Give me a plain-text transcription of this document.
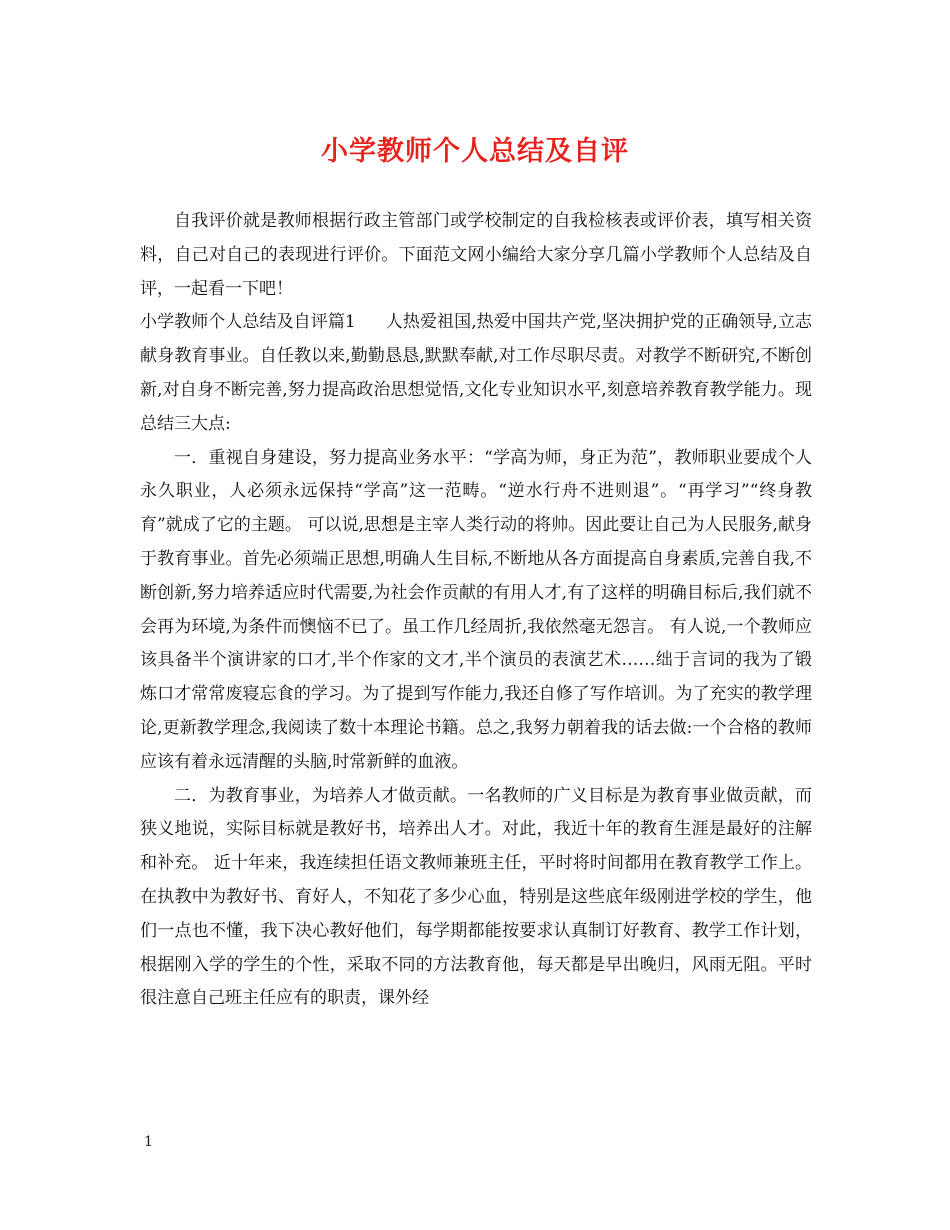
小学教师个人总结及自评

自我评价就是教师根据行政主管部门或学校制定的自我检核表或评价表，填写相关资料，自己对自己的表现进行评价。下面范文网小编给大家分享几篇小学教师个人总结及自评，一起看一下吧！

小学教师个人总结及自评篇1 人热爱祖国,热爱中国共产党,坚决拥护党的正确领导,立志献身教育事业。自任教以来,勤勤恳恳,默默奉献,对工作尽职尽责。对教学不断研究,不断创新,对自身不断完善,努力提高政治思想觉悟,文化专业知识水平,刻意培养教育教学能力。现总结三大点:

一．重视自身建设，努力提高业务水平：“学高为师，身正为范”，教师职业要成个人永久职业，人必须永远保持“学高”这一范畴。“逆水行舟不进则退”。“再学习”“终身教育”就成了它的主题。 可以说,思想是主宰人类行动的将帅。因此要让自己为人民服务,献身于教育事业。首先必须端正思想,明确人生目标,不断地从各方面提高自身素质,完善自我,不断创新,努力培养适应时代需要,为社会作贡献的有用人才,有了这样的明确目标后,我们就不会再为环境,为条件而懊恼不已了。虽工作几经周折,我依然毫无怨言。 有人说,一个教师应该具备半个演讲家的口才,半个作家的文才,半个演员的表演艺术……绌于言词的我为了锻炼口才常常废寝忘食的学习。为了提到写作能力,我还自修了写作培训。为了充实的教学理论,更新教学理念,我阅读了数十本理论书籍。总之,我努力朝着我的话去做:一个合格的教师应该有着永远清醒的头脑,时常新鲜的血液。

二．为教育事业，为培养人才做贡献。一名教师的广义目标是为教育事业做贡献，而狭义地说，实际目标就是教好书，培养出人才。对此，我近十年的教育生涯是最好的注解和补充。 近十年来，我连续担任语文教师兼班主任，平时将时间都用在教育教学工作上。在执教中为教好书、育好人，不知花了多少心血，特别是这些底年级刚进学校的学生，他们一点也不懂，我下决心教好他们，每学期都能按要求认真制订好教育、教学工作计划，根据刚入学的学生的个性，采取不同的方法教育他，每天都是早出晚归，风雨无阻。平时很注意自己班主任应有的职责，课外经

1
